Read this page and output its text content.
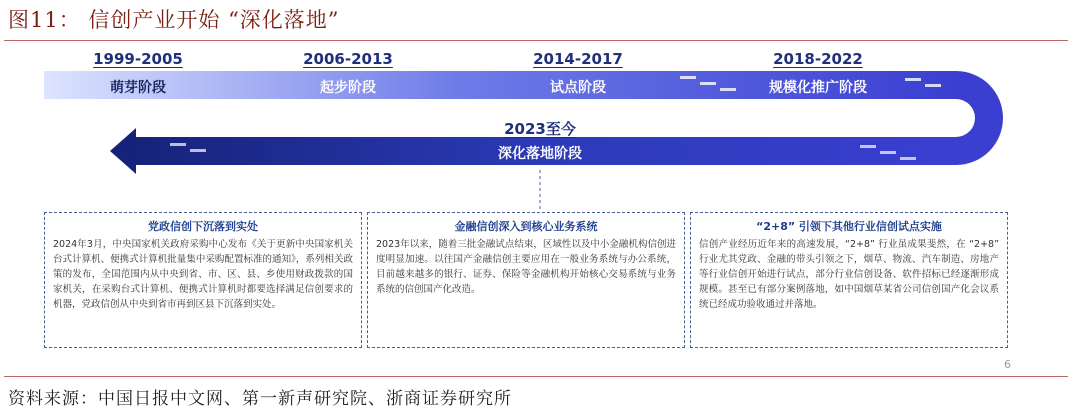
图11： 信创产业开始 “深化落地”
1999-2005
萌芽阶段
2006-2013
起步阶段
2014-2017
试点阶段
2018-2022
规模化推广阶段
2023至今
深化落地阶段
党政信创下沉落到实处
2024年3月，中央国家机关政府采购中心发布《关于更新中央国家机关台式计算机、便携式计算机批量集中采购配置标准的通知》，系列相关政策的发布，全国范围内从中央到省、市、区、县、乡使用财政拨款的国家机关，在采购台式计算机、便携式计算机时都要选择满足信创要求的机器，党政信创从中央到省市再到区县下沉落到实处。
金融信创深入到核心业务系统
2023年以来，随着三批金融试点结束，区域性以及中小金融机构信创进度明显加速。以往国产金融信创主要应用在一般业务系统与办公系统，目前越来越多的银行、证券、保险等金融机构开始核心交易系统与业务系统的信创国产化改造。
“2+8” 引领下其他行业信创试点实施
信创产业经历近年来的高速发展，“2+8” 行业虽成果斐然，在 “2+8” 行业尤其党政、金融的带头引领之下，烟草、物流、汽车制造、房地产等行业信创开始进行试点，部分行业信创设备、软件招标已经逐渐形成规模。甚至已有部分案例落地，如中国烟草某省公司信创国产化会议系统已经成功验收通过并落地。
6
资料来源：中国日报中文网、第一新声研究院、浙商证券研究所
